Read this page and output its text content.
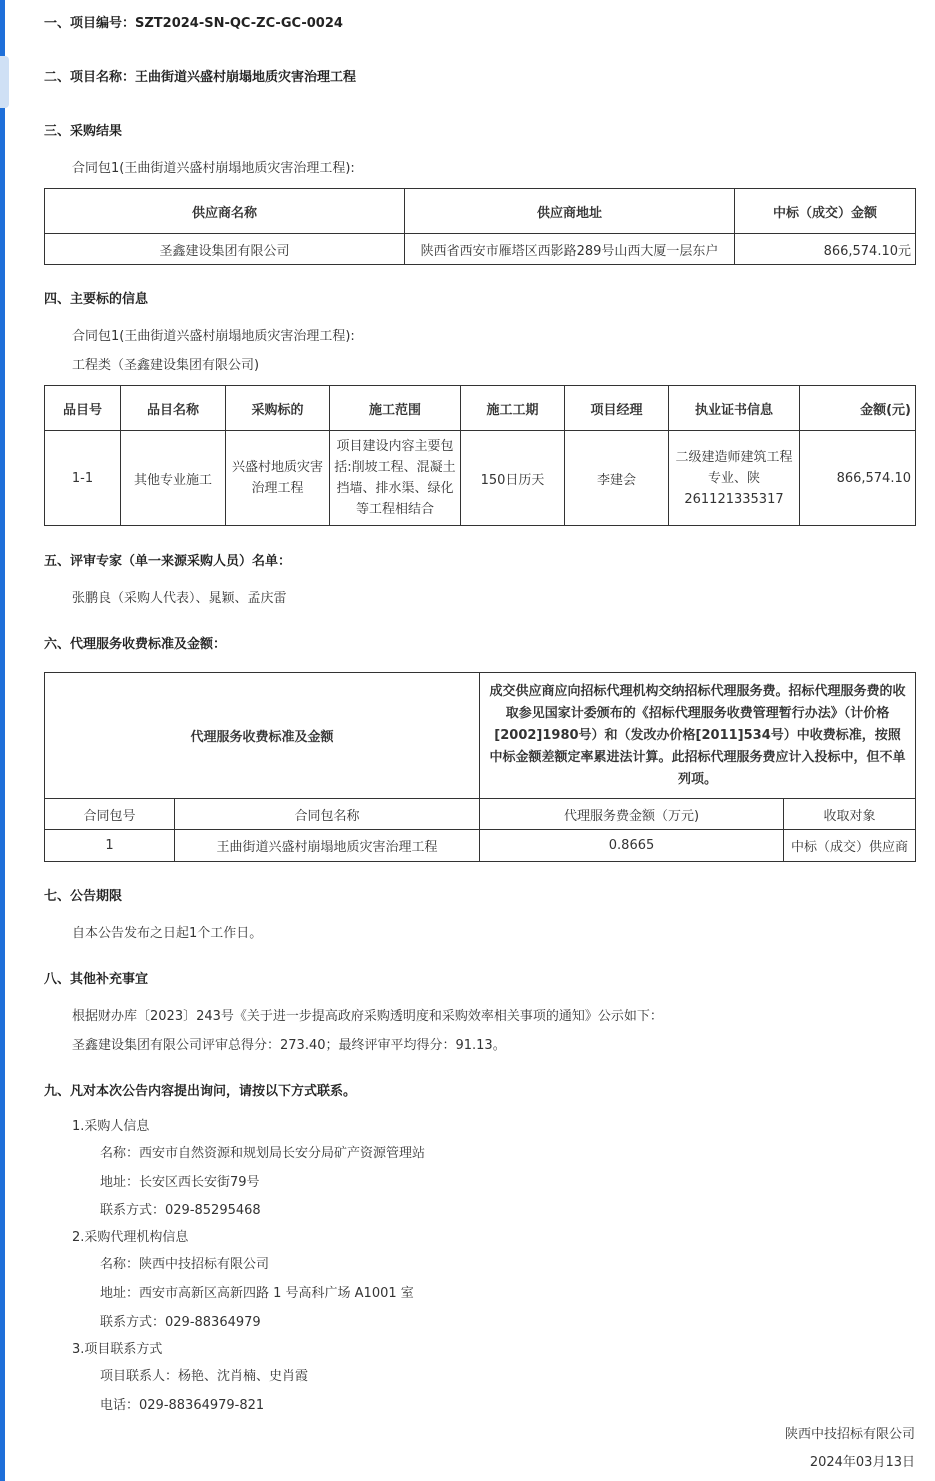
一、项目编号：SZT2024-SN-QC-ZC-GC-0024
二、项目名称：王曲街道兴盛村崩塌地质灾害治理工程
三、采购结果
合同包1(王曲街道兴盛村崩塌地质灾害治理工程):
供应商名称	供应商地址	中标（成交）金额
圣鑫建设集团有限公司	陕西省西安市雁塔区西影路289号山西大厦一层东户	866,574.10元
四、主要标的信息
合同包1(王曲街道兴盛村崩塌地质灾害治理工程):
工程类（圣鑫建设集团有限公司)
品目号	品目名称	采购标的	施工范围	施工工期	项目经理	执业证书信息	金额(元)
1-1	其他专业施工	兴盛村地质灾害治理工程	项目建设内容主要包括:削坡工程、混凝土挡墙、排水渠、绿化等工程相结合	150日历天	李建会	二级建造师建筑工程专业、陕261121335317	866,574.10
五、评审专家（单一来源采购人员）名单：
张鹏良（采购人代表）、晁颖、孟庆雷
六、代理服务收费标准及金额：
代理服务收费标准及金额		成交供应商应向招标代理机构交纳招标代理服务费。招标代理服务费的收取参见国家计委颁布的《招标代理服务收费管理暂行办法》（计价格[2002]1980号）和（发改办价格[2011]534号）中收费标准，按照中标金额差额定率累进法计算。此招标代理服务费应计入投标中，但不单列项。	
合同包号	合同包名称	代理服务费金额（万元)	收取对象
1	王曲街道兴盛村崩塌地质灾害治理工程	0.8665	中标（成交）供应商
七、公告期限
自本公告发布之日起1个工作日。
八、其他补充事宜
根据财办库〔2023〕243号《关于进一步提高政府采购透明度和采购效率相关事项的通知》公示如下：
圣鑫建设集团有限公司评审总得分：273.40；最终评审平均得分：91.13。
九、凡对本次公告内容提出询问，请按以下方式联系。
1.采购人信息
名称：西安市自然资源和规划局长安分局矿产资源管理站
地址：长安区西长安街79号
联系方式：029-85295468
2.采购代理机构信息
名称：陕西中技招标有限公司
地址：西安市高新区高新四路 1 号高科广场 A1001 室
联系方式：029-88364979
3.项目联系方式
项目联系人：杨艳、沈肖楠、史肖霞
电话：029-88364979-821
陕西中技招标有限公司
2024年03月13日
